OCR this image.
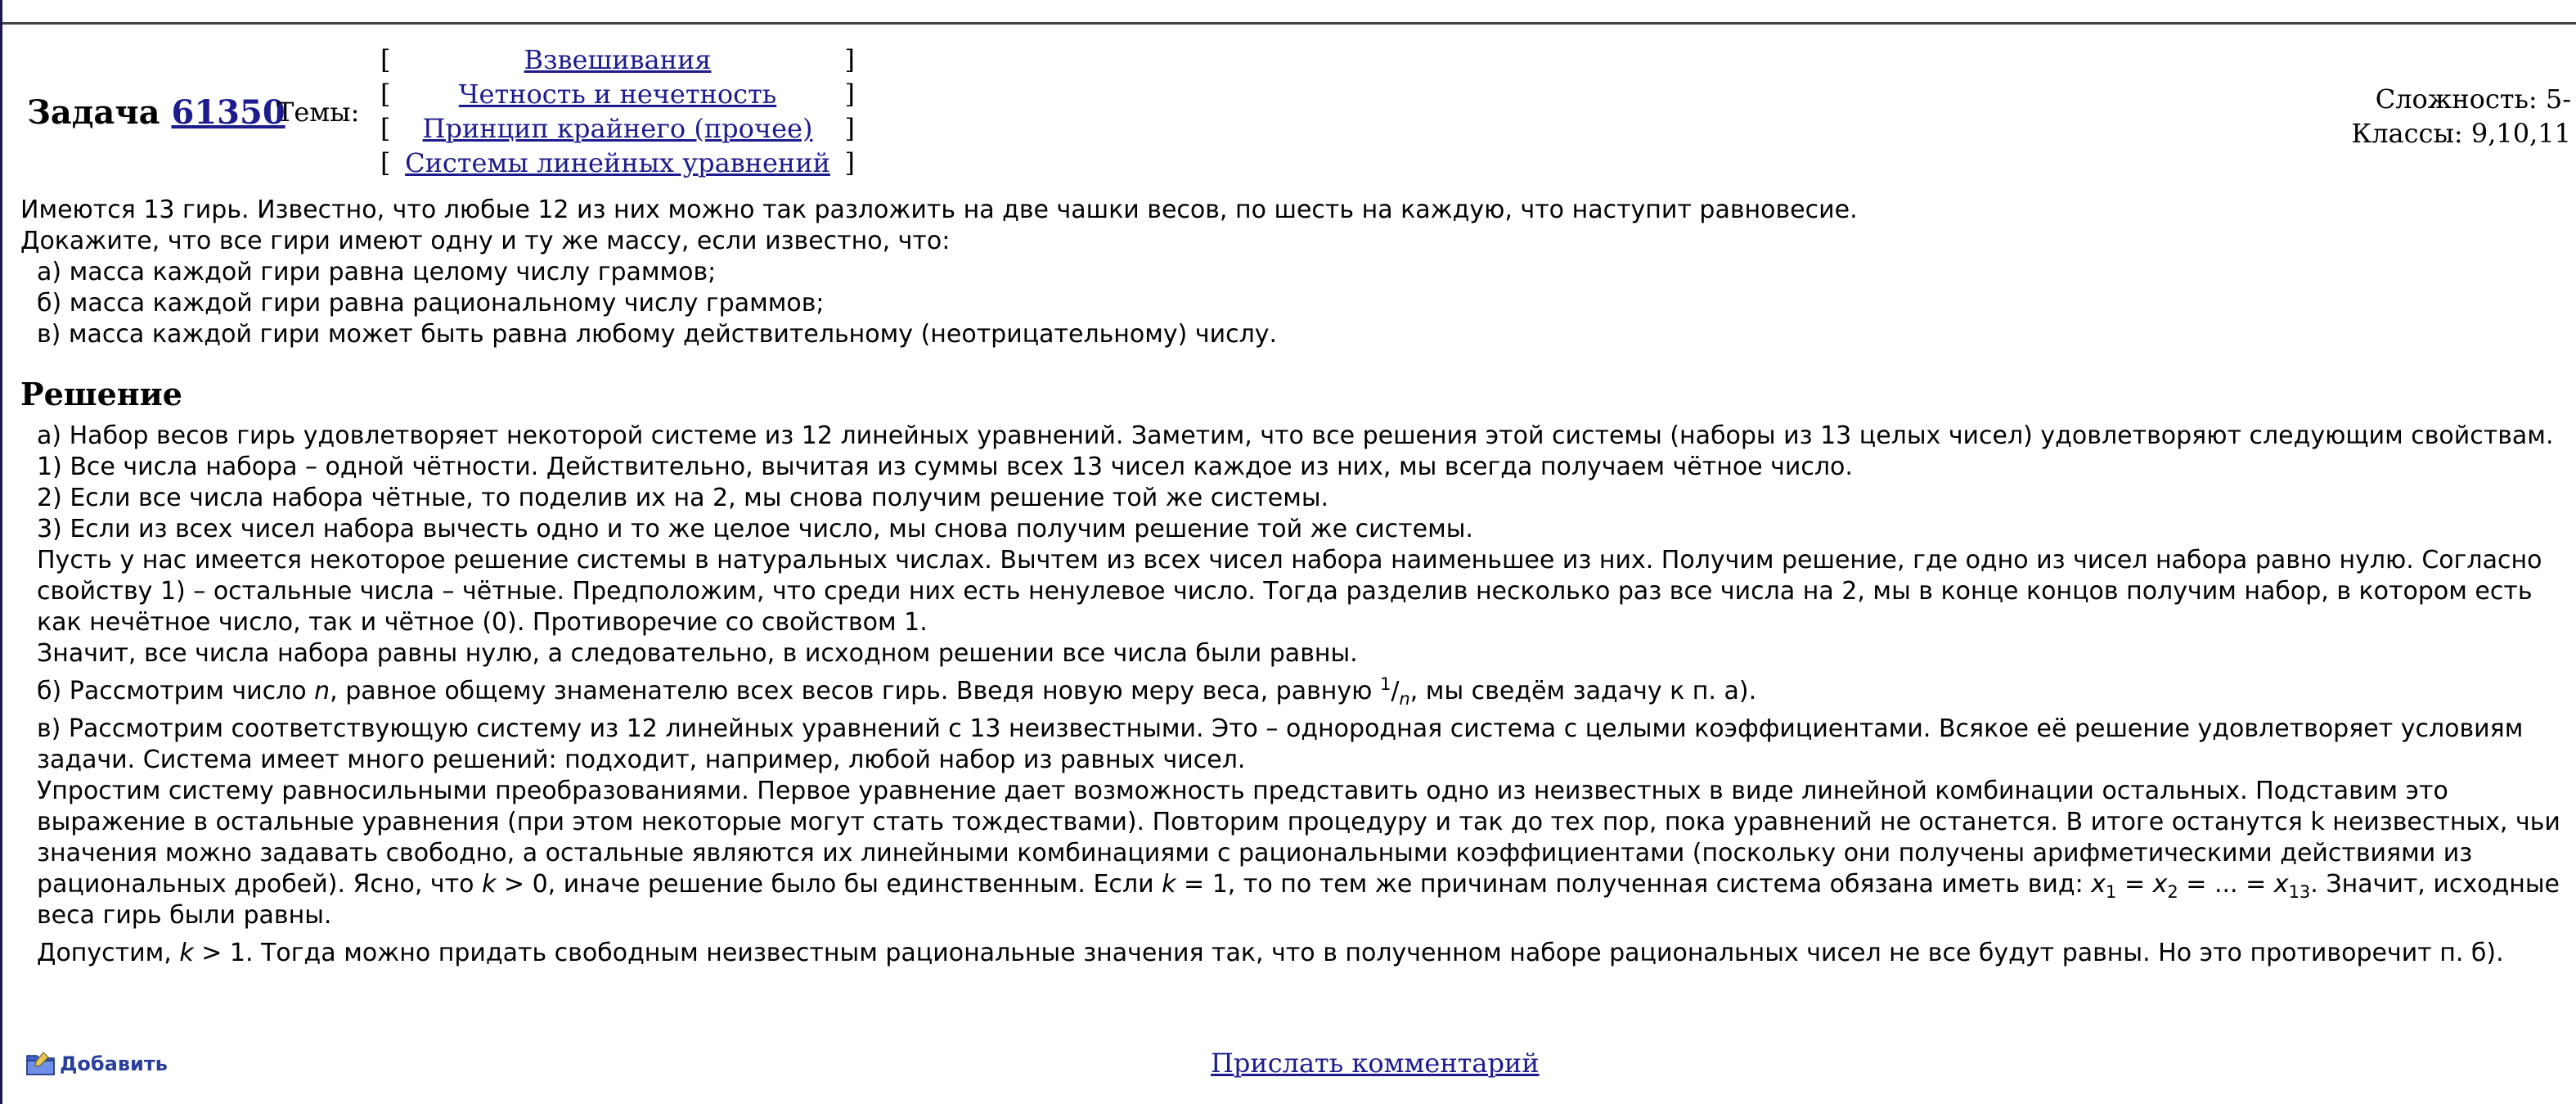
Задача 61350
Темы:
[	Взвешивания	]
[	Четность и нечетность	]
[	Принцип крайнего (прочее)	]
[ Системы линейных уравнений ]
Сложность: 5-
Классы: 9,10,11

Имеются 13 гирь. Известно, что любые 12 из них можно так разложить на две чашки весов, по шесть на каждую, что наступит равновесие.

Докажите, что все гири имеют одну и ту же массу, если известно, что:

а) масса каждой гири равна целому числу граммов;

б) масса каждой гири равна рациональному числу граммов;

в) масса каждой гири может быть равна любому действительному (неотрицательному) числу.

Решение

а) Набор весов гирь удовлетворяет некоторой системе из 12 линейных уравнений. Заметим, что все решения этой системы (наборы из 13 целых чисел) удовлетворяют следующим свойствам.

1) Все числа набора – одной чётности. Действительно, вычитая из суммы всех 13 чисел каждое из них, мы всегда получаем чётное число.

2) Если все числа набора чётные, то поделив их на 2, мы снова получим решение той же системы.

3) Если из всех чисел набора вычесть одно и то же целое число, мы снова получим решение той же системы.

Пусть у нас имеется некоторое решение системы в натуральных числах. Вычтем из всех чисел набора наименьшее из них. Получим решение, где одно из чисел набора равно нулю. Согласно свойству 1) – остальные числа – чётные. Предположим, что среди них есть ненулевое число. Тогда разделив несколько раз все числа на 2, мы в конце концов получим набор, в котором есть как нечётное число, так и чётное (0). Противоречие со свойством 1.

Значит, все числа набора равны нулю, а следовательно, в исходном решении все числа были равны.

б) Рассмотрим число n, равное общему знаменателю всех весов гирь. Введя новую меру веса, равную $^1/_n$, мы сведём задачу к п. а).

в) Рассмотрим соответствующую систему из 12 линейных уравнений с 13 неизвестными. Это – однородная система с целыми коэффициентами. Всякое её решение удовлетворяет условиям задачи. Система имеет много решений: подходит, например, любой набор из равных чисел.

Упростим систему равносильными преобразованиями. Первое уравнение дает возможность представить одно из неизвестных в виде линейной комбинации остальных. Подставим это выражение в остальные уравнения (при этом некоторые могут стать тождествами). Повторим процедуру и так до тех пор, пока уравнений не останется. В итоге останутся k неизвестных, чьи значения можно задавать свободно, а остальные являются их линейными комбинациями с рациональными коэффициентами (поскольку они получены арифметическими действиями из рациональных дробей). Ясно, что k > 0, иначе решение было бы единственным. Если k = 1, то по тем же причинам полученная система обязана иметь вид: $x_1 = x_2$ = ... = $x_{13}$. Значит, исходные веса гирь были равны.

Допустим, k > 1. Тогда можно придать свободным неизвестным рациональные значения так, что в полученном наборе рациональных чисел не все будут равны. Но это противоречит п. б).

Добавить	Прислать комментарий
